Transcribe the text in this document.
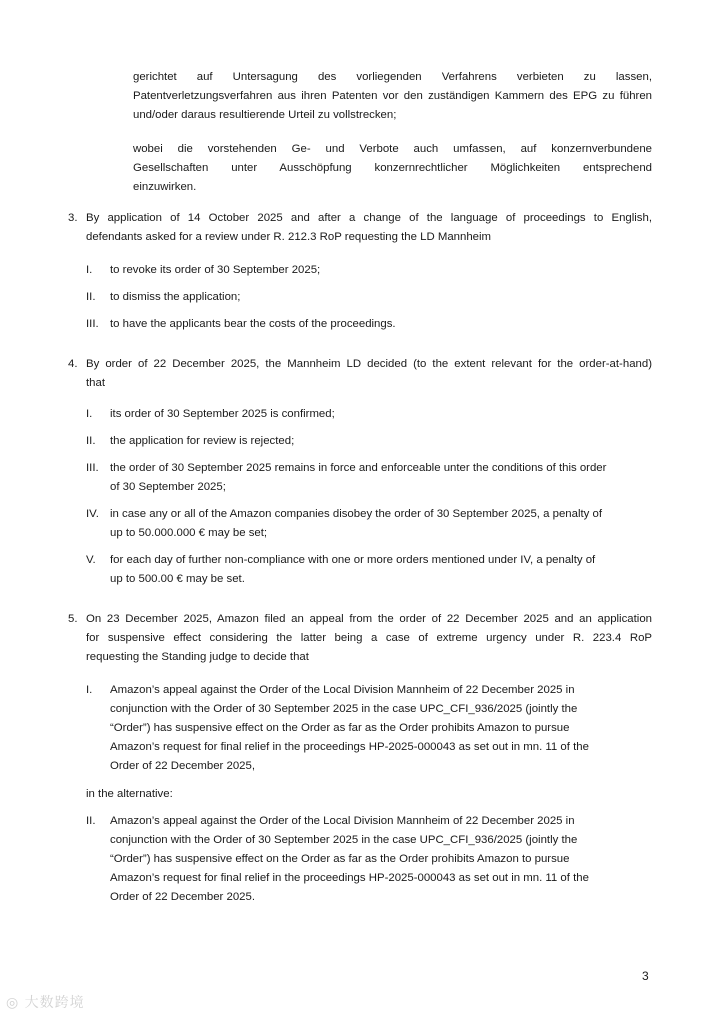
gerichtet auf Untersagung des vorliegenden Verfahrens verbieten zu lassen,
Patentverletzungsverfahren aus ihren Patenten vor den zuständigen Kammern des EPG zu führen
und/oder daraus resultierende Urteil zu vollstrecken;
wobei die vorstehenden Ge- und Verbote auch umfassen, auf konzernverbundene
Gesellschaften unter Ausschöpfung konzernrechtlicher Möglichkeiten entsprechend
einzuwirken.
3. By application of 14 October 2025 and after a change of the language of proceedings to English,
defendants asked for a review under R. 212.3 RoP requesting the LD Mannheim
I. to revoke its order of 30 September 2025;
II. to dismiss the application;
III. to have the applicants bear the costs of the proceedings.
4. By order of 22 December 2025, the Mannheim LD decided (to the extent relevant for the order-at-hand)
that
I. its order of 30 September 2025 is confirmed;
II. the application for review is rejected;
III. the order of 30 September 2025 remains in force and enforceable unter the conditions of this order
of 30 September 2025;
IV. in case any or all of the Amazon companies disobey the order of 30 September 2025, a penalty of
up to 50.000.000 € may be set;
V. for each day of further non-compliance with one or more orders mentioned under IV, a penalty of
up to 500.00 € may be set.
5. On 23 December 2025, Amazon filed an appeal from the order of 22 December 2025 and an application
for suspensive effect considering the latter being a case of extreme urgency under R. 223.4 RoP
requesting the Standing judge to decide that
I. Amazon’s appeal against the Order of the Local Division Mannheim of 22 December 2025 in
conjunction with the Order of 30 September 2025 in the case UPC_CFI_936/2025 (jointly the
“Order”) has suspensive effect on the Order as far as the Order prohibits Amazon to pursue
Amazon’s request for final relief in the proceedings HP-2025-000043 as set out in mn. 11 of the
Order of 22 December 2025,
in the alternative:
II. Amazon’s appeal against the Order of the Local Division Mannheim of 22 December 2025 in
conjunction with the Order of 30 September 2025 in the case UPC_CFI_936/2025 (jointly the
“Order”) has suspensive effect on the Order as far as the Order prohibits Amazon to pursue
Amazon’s request for final relief in the proceedings HP-2025-000043 as set out in mn. 11 of the
Order of 22 December 2025.
3
◎ 大数跨境
